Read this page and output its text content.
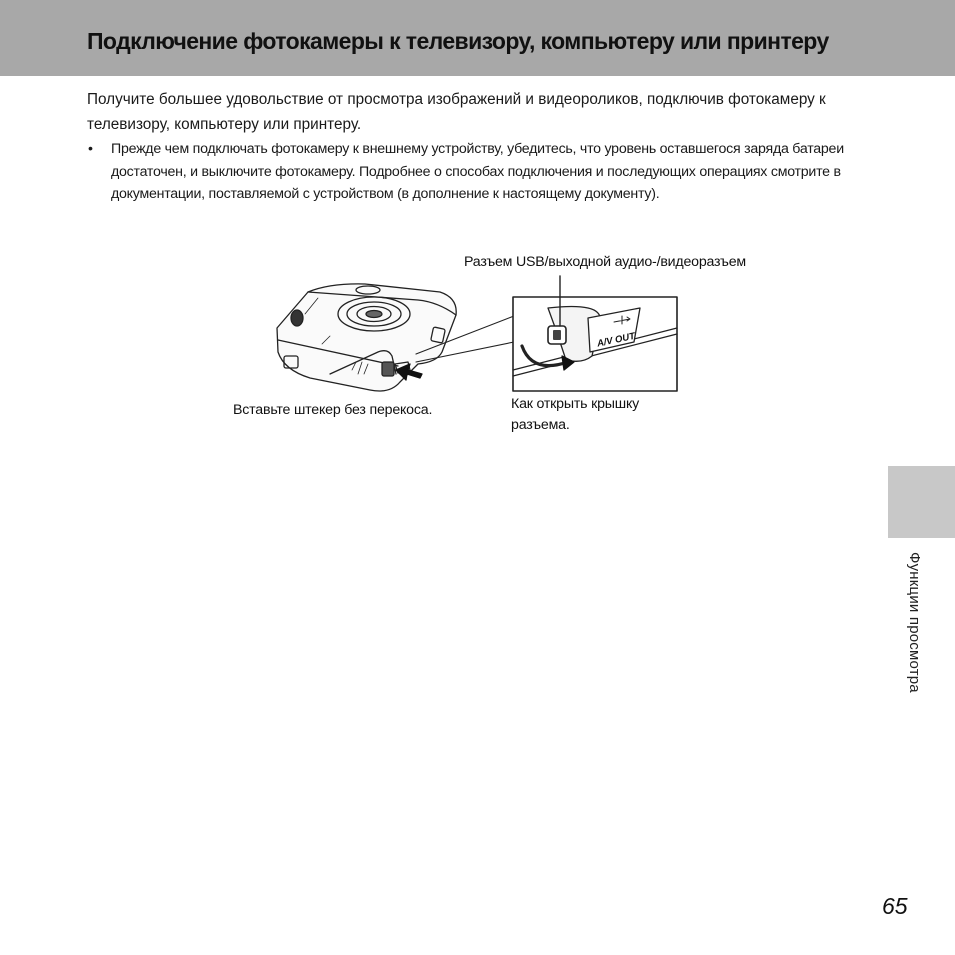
Подключение фотокамеры к телевизору, компьютеру или принтеру
Получите большее удовольствие от просмотра изображений и видеороликов, подключив фотокамеру к телевизору, компьютеру или принтеру.
• Прежде чем подключать фотокамеру к внешнему устройству, убедитесь, что уровень оставшегося заряда батареи достаточен, и выключите фотокамеру. Подробнее о способах подключения и последующих операциях смотрите в документации, поставляемой с устройством (в дополнение к настоящему документу).
Разъем USB/выходной аудио-/видеоразъем
A/V OUT
Вставьте штекер без перекоса.	Как открыть крышку
разъема.
Функции просмотра
65
